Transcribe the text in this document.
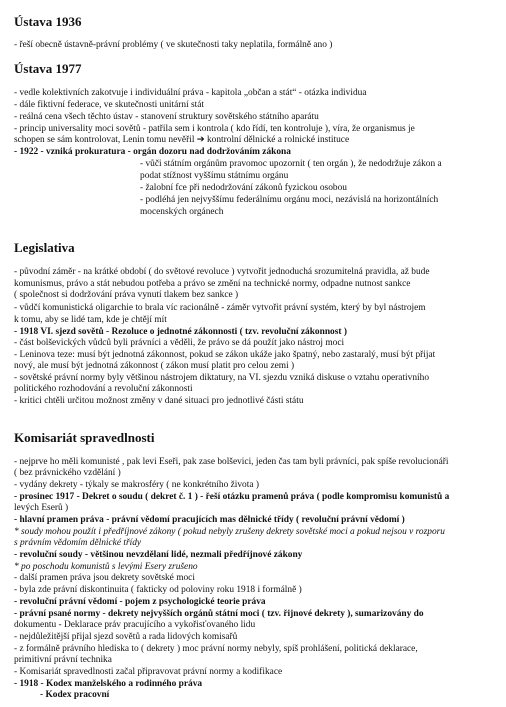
Ústava 1936
- řeší obecně ústavně-právní problémy ( ve skutečnosti taky neplatila, formálně ano )
Ústava 1977
- vedle kolektivních zakotvuje i individuální práva - kapitola „občan a stát“ - otázka individua
- dále fiktivní federace, ve skutečnosti unitární stát
- reálná cena všech těchto ústav - stanovení struktury sovětského státního aparátu
- princip universality moci sovětů - patřila sem i kontrola ( kdo řídí, ten kontroluje ), víra, že organismus je
schopen se sám kontrolovat, Lenin tomu nevěřil ➔ kontrolní dělnické a rolnické instituce
- 1922 - vzniká prokuratura - orgán dozoru nad dodržováním zákona
- vůči státním orgánům pravomoc upozornit ( ten orgán ), že nedodržuje zákon a
podat stížnost vyššímu státnímu orgánu
- žalobní fce při nedodržování zákonů fyzickou osobou
- podléhá jen nejvyššímu federálnímu orgánu moci, nezávislá na horizontálních
mocenských orgánech
Legislativa
- původní záměr - na krátké období ( do světové revoluce ) vytvořit jednoduchá srozumitelná pravidla, až bude
komunismus, právo a stát nebudou potřeba a právo se změní na technické normy, odpadne nutnost sankce
( společnost si dodržování práva vynutí tlakem bez sankce )
- vůdčí komunistická oligarchie to brala víc racionálně - záměr vytvořit právní systém, který by byl nástrojem
k tomu, aby se lidé tam, kde je chtějí mít
- 1918 VI. sjezd sovětů - Rezoluce o jednotné zákonnosti ( tzv. revoluční zákonnost )
- část bolševických vůdců byli právníci a věděli, že právo se dá použít jako nástroj moci
- Leninova teze: musí být jednotná zákonnost, pokud se zákon ukáže jako špatný, nebo zastaralý, musí být přijat
nový, ale musí být jednotná zákonnost ( zákon musí platit pro celou zemi )
- sovětské právní normy byly většinou nástrojem diktatury, na VI. sjezdu vzniká diskuse o vztahu operativního
politického rozhodování a revoluční zákonnosti
- kritici chtěli určitou možnost změny v dané situaci pro jednotlivé části státu
Komisariát spravedlnosti
- nejprve ho měli komunisté , pak levi Eseři, pak zase bolševici, jeden čas tam byli právníci, pak spíše revolucionáři
( bez právnického vzdělání )
- vydány dekrety - týkaly se makrosféry ( ne konkrétního života )
- prosinec 1917 - Dekret o soudu ( dekret č. 1 ) - řeší otázku pramenů práva ( podle kompromisu komunistů a
levých Eserů )
- hlavní pramen práva - právní vědomí pracujících mas dělnické třídy ( revoluční právní vědomí )
* soudy mohou použít i předříjnové zákony ( pokud nebyly zrušeny dekrety sovětské moci a pokud nejsou v rozporu
s právním vědomím dělnické třídy
- revoluční soudy - většinou nevzdělaní lidé, nezmali předříjnové zákony
* po poschodu komunistů s levými Esery zrušeno
- další pramen práva jsou dekrety sovětské moci
- byla zde právní diskontinuita ( fakticky od poloviny roku 1918 i formálně )
- revoluční právní vědomí - pojem z psychologické teorie práva
- právní psané normy - dekrety nejvyšších orgánů státní moci ( tzv. řijnové dekrety ), sumarizovány do
dokumentu - Deklarace práv pracujícího a vykořisťovaného lidu
- nejdůležitější přijal sjezd sovětů a rada lidových komisařů
- z formálně právního hlediska to ( dekrety ) moc právní normy nebyly, spíš prohlášení, politická deklarace,
primitivní právní technika
- Komisariát spravedlnosti začal připravovat právní normy a kodifikace
- 1918 - Kodex manželského a rodinného práva
- Kodex pracovní
